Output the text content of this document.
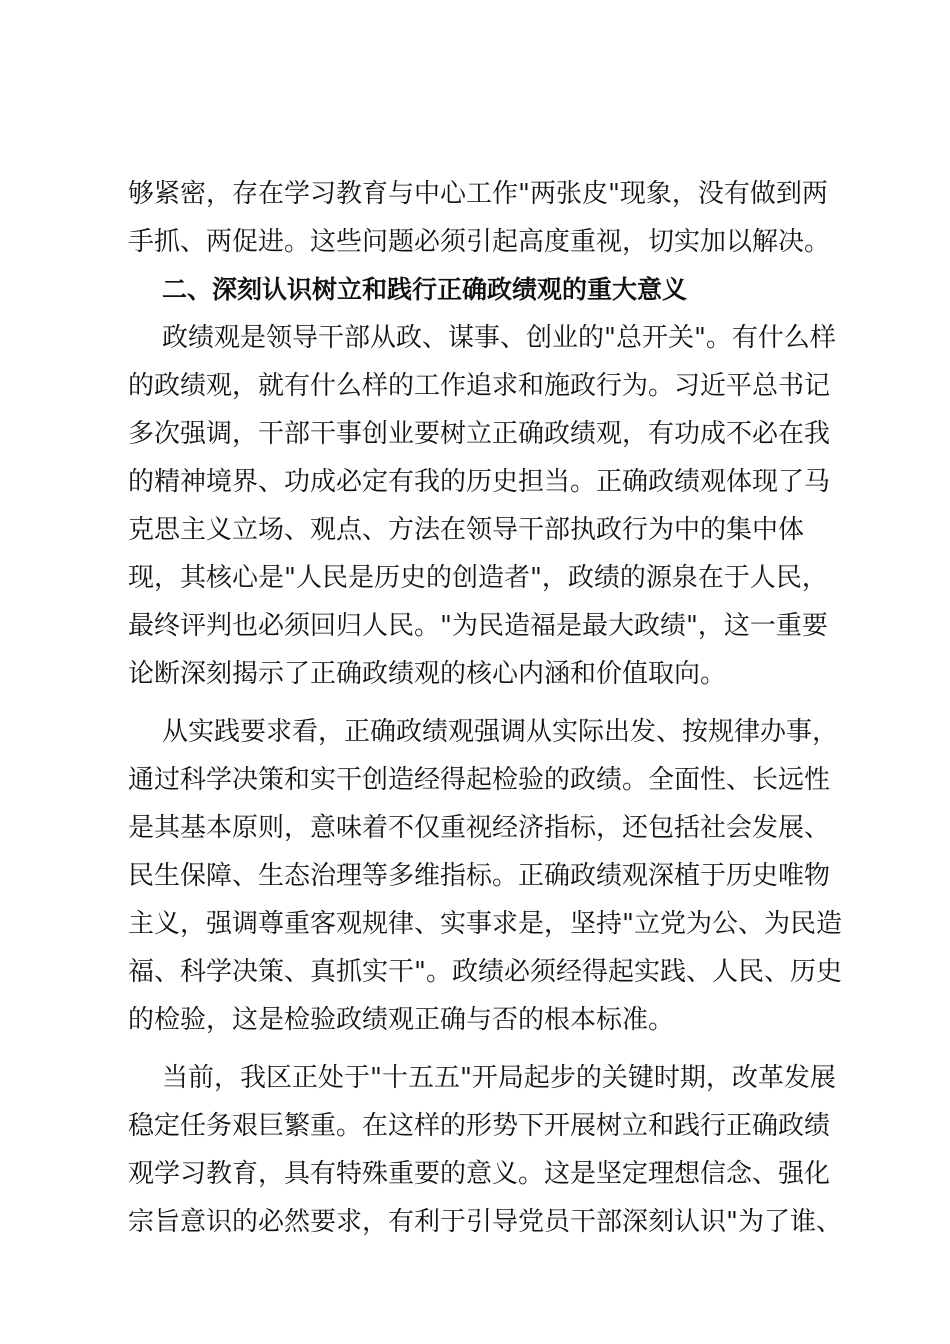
够紧密，存在学习教育与中心工作"两张皮"现象，没有做到两
手抓、两促进。这些问题必须引起高度重视，切实加以解决。
二、深刻认识树立和践行正确政绩观的重大意义
政绩观是领导干部从政、谋事、创业的"总开关"。有什么样
的政绩观，就有什么样的工作追求和施政行为。习近平总书记
多次强调，干部干事创业要树立正确政绩观，有功成不必在我
的精神境界、功成必定有我的历史担当。正确政绩观体现了马
克思主义立场、观点、方法在领导干部执政行为中的集中体
现，其核心是"人民是历史的创造者"，政绩的源泉在于人民，
最终评判也必须回归人民。"为民造福是最大政绩"，这一重要
论断深刻揭示了正确政绩观的核心内涵和价值取向。
从实践要求看，正确政绩观强调从实际出发、按规律办事，
通过科学决策和实干创造经得起检验的政绩。全面性、长远性
是其基本原则，意味着不仅重视经济指标，还包括社会发展、
民生保障、生态治理等多维指标。正确政绩观深植于历史唯物
主义，强调尊重客观规律、实事求是，坚持"立党为公、为民造
福、科学决策、真抓实干"。政绩必须经得起实践、人民、历史
的检验，这是检验政绩观正确与否的根本标准。
当前，我区正处于"十五五"开局起步的关键时期，改革发展
稳定任务艰巨繁重。在这样的形势下开展树立和践行正确政绩
观学习教育，具有特殊重要的意义。这是坚定理想信念、强化
宗旨意识的必然要求，有利于引导党员干部深刻认识"为了谁、
